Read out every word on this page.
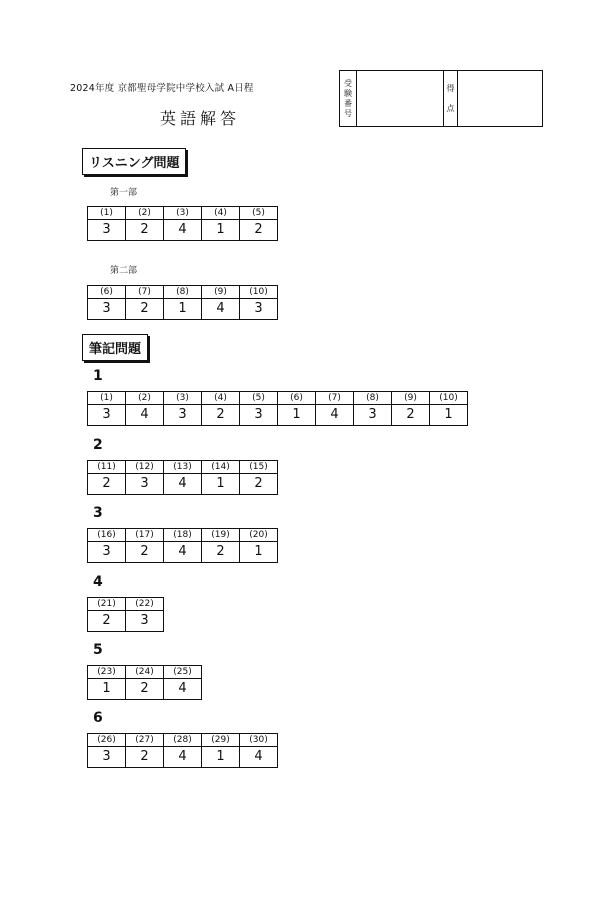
2024年度 京都聖母学院中学校入試 A日程
英語解答
受
験
番
号
得
点
リスニング問題
第一部
(1)	(2)	(3)	(4)	(5)
3	2	4	1	2
第二部
(6)	(7)	(8)	(9)	(10)
3	2	1	4	3
筆記問題
1
(1)	(2)	(3)	(4)	(5)	(6)	(7)	(8)	(9)	(10)
3	4	3	2	3	1	4	3	2	1
2
(11)	(12)	(13)	(14)	(15)
2	3	4	1	2
3
(16)	(17)	(18)	(19)	(20)
3	2	4	2	1
4
(21)	(22)
2	3
5
(23)	(24)	(25)
1	2	4
6
(26)	(27)	(28)	(29)	(30)
3	2	4	1	4
